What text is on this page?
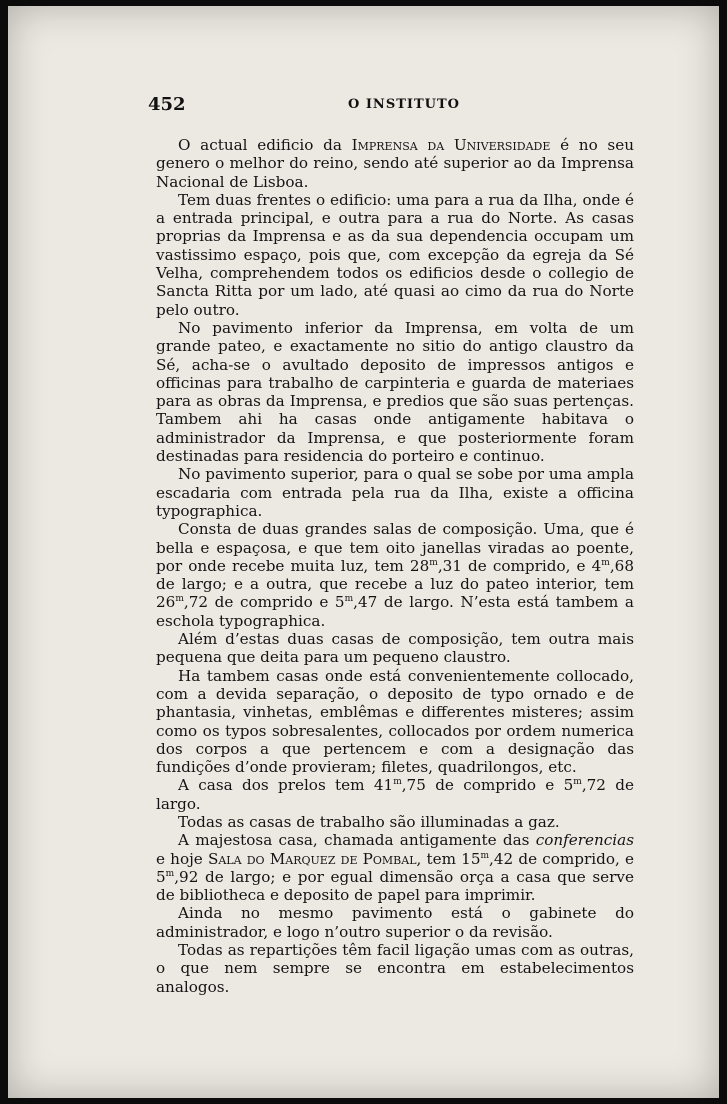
452	O INSTITUTO

O actual edificio da Imprensa da Universidade é no seu genero o melhor do reino, sendo até superior ao da Imprensa Nacional de Lisboa.

Tem duas frentes o edificio: uma para a rua da Ilha, onde é a entrada principal, e outra para a rua do Norte. As casas proprias da Imprensa e as da sua dependencia occupam um vastissimo espaço, pois que, com excepção da egreja da Sé Velha, comprehendem todos os edificios desde o collegio de Sancta Ritta por um lado, até quasi ao cimo da rua do Norte pelo outro.

No pavimento inferior da Imprensa, em volta de um grande pateo, e exactamente no sitio do antigo claustro da Sé, acha-se o avultado deposito de impressos antigos e officinas para trabalho de carpinteria e guarda de materiaes para as obras da Imprensa, e predios que são suas pertenças. Tambem ahi ha casas onde antigamente habitava o administrador da Imprensa, e que posteriormente foram destinadas para residencia do porteiro e continuo.

No pavimento superior, para o qual se sobe por uma ampla escadaria com entrada pela rua da Ilha, existe a officina typographica.

Consta de duas grandes salas de composição. Uma, que é bella e espaçosa, e que tem oito janellas viradas ao poente, por onde recebe muita luz, tem 28$^m$,31 de comprido, e 4$^m$,68 de largo; e a outra, que recebe a luz do pateo interior, tem 26$^m$,72 de comprido e 5$^m$,47 de largo. N’esta está tambem a eschola typographica.

Além d’estas duas casas de composição, tem outra mais pequena que deita para um pequeno claustro.

Ha tambem casas onde está convenientemente collocado, com a devida separação, o deposito de typo ornado e de phantasia, vinhetas, emblêmas e differentes misteres; assim como os typos sobresalentes, collocados por ordem numerica dos corpos a que pertencem e com a designação das fundições d’onde provieram; filetes, quadrilongos, etc.

A casa dos prelos tem 41$^m$,75 de comprido e 5$^m$,72 de largo.

Todas as casas de trabalho são illuminadas a gaz.

A majestosa casa, chamada antigamente das conferencias e hoje Sala do Marquez de Pombal, tem 15$^m$,42 de comprido, e 5$^m$,92 de largo; e por egual dimensão orça a casa que serve de bibliotheca e deposito de papel para imprimir.

Ainda no mesmo pavimento está o gabinete do administrador, e logo n’outro superior o da revisão.

Todas as repartições têm facil ligação umas com as outras, o que nem sempre se encontra em estabelecimentos analogos.
